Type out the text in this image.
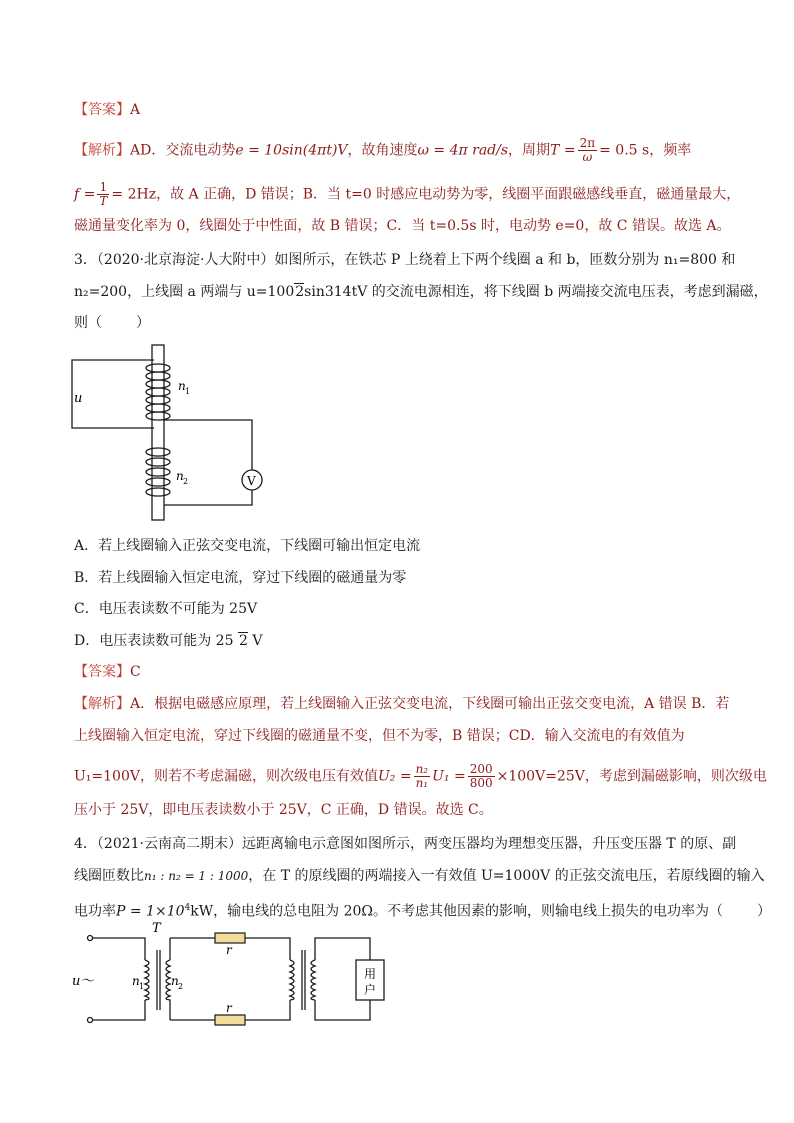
【答案】A
【解析】AD．交流电动势e = 10sin(4πt)V，故角速度ω = 4π rad/s，周期$T = \frac{2\pi}{\omega} = 0.5$ s，频率
$f = \frac{1}{T} = 2Hz$，故 A 正确，D 错误；B．当 t=0 时感应电动势为零，线圈平面跟磁感线垂直，磁通量最大，
磁通量变化率为 0，线圈处于中性面，故 B 错误；C．当 t=0.5s 时，电动势 e=0，故 C 错误。故选 A。
3．（2020·北京海淀·人大附中）如图所示，在铁芯 P 上绕着上下两个线圈 a 和 b，匝数分别为 n₁=800 和
n₂=200，上线圈 a 两端与 u=1002sin314tV 的交流电源相连，将下线圈 b 两端接交流电压表，考虑到漏磁，
则（ ）
u
n 1
n 2	V
A．若上线圈输入正弦交变电流，下线圈可输出恒定电流
B．若上线圈输入恒定电流，穿过下线圈的磁通量为零
C．电压表读数不可能为 25V
D．电压表读数可能为 25 2 V
【答案】C
【解析】A．根据电磁感应原理，若上线圈输入正弦交变电流，下线圈可输出正弦交变电流，A 错误 B．若
上线圈输入恒定电流，穿过下线圈的磁通量不变，但不为零，B 错误；CD．输入交流电的有效值为
U₁=100V，则若不考虑漏磁，则次级电压有效值$U_2 = \frac{\text{n₂}}{\text{n₁}} U_1 = \frac{200}{800} \times 100V=25V$，考虑到漏磁影响，则次级电
压小于 25V，即电压表读数小于 25V，C 正确，D 错误。故选 C。
4．（2021·云南高二期末）远距离输电示意图如图所示，两变压器均为理想变压器，升压变压器 T 的原、副
线圈匝数比n₁ : n₂ = 1 : 1000，在 T 的原线圈的两端接入一有效值 U=1000V 的正弦交流电压，若原线圈的输入
电功率$P = 1\times 10^4kW$，输电线的总电阻为 20Ω。不考虑其他因素的影响，则输电线上损失的电功率为（ ）
T
u～	n 1 n 2
r
r
用
户
